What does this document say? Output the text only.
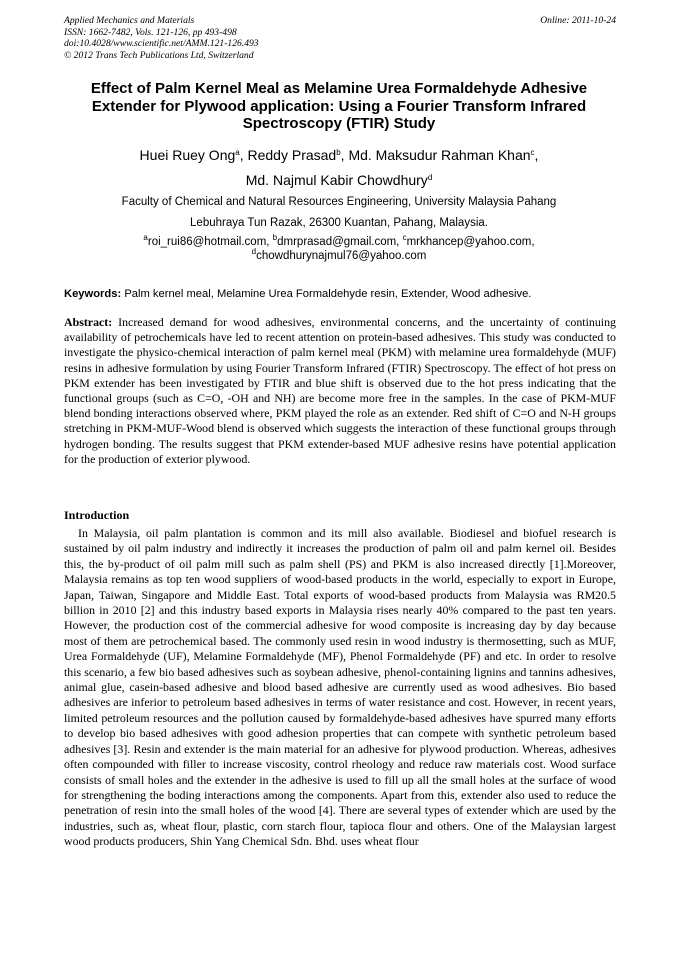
Applied Mechanics and Materials
ISSN: 1662-7482, Vols. 121-126, pp 493-498
doi:10.4028/www.scientific.net/AMM.121-126.493
© 2012 Trans Tech Publications Ltd, Switzerland
Online: 2011-10-24
Effect of Palm Kernel Meal as Melamine Urea Formaldehyde Adhesive Extender for Plywood application: Using a Fourier Transform Infrared Spectroscopy (FTIR) Study
Huei Ruey Ong$^a$, Reddy Prasad$^b$, Md. Maksudur Rahman Khan$^c$,
Md. Najmul Kabir Chowdhury$^d$
Faculty of Chemical and Natural Resources Engineering, University Malaysia Pahang
Lebuhraya Tun Razak, 26300 Kuantan, Pahang, Malaysia.
$^a$roi_rui86@hotmail.com, $^b$dmrprasad@gmail.com, $^c$mrkhancep@yahoo.com,
$^d$chowdhurynajmul76@yahoo.com
Keywords: Palm kernel meal, Melamine Urea Formaldehyde resin, Extender, Wood adhesive.
Abstract: Increased demand for wood adhesives, environmental concerns, and the uncertainty of continuing availability of petrochemicals have led to recent attention on protein-based adhesives. This study was conducted to investigate the physico-chemical interaction of palm kernel meal (PKM) with melamine urea formaldehyde (MUF) resins in adhesive formulation by using Fourier Transform Infrared (FTIR) Spectroscopy. The effect of hot press on PKM extender has been investigated by FTIR and blue shift is observed due to the hot press indicating that the functional groups (such as C=O, -OH and NH) are become more free in the samples. In the case of PKM-MUF blend bonding interactions observed where, PKM played the role as an extender. Red shift of C=O and N-H groups stretching in PKM-MUF-Wood blend is observed which suggests the interaction of these functional groups through hydrogen bonding. The results suggest that PKM extender-based MUF adhesive resins have potential application for the production of exterior plywood.
Introduction
In Malaysia, oil palm plantation is common and its mill also available. Biodiesel and biofuel research is sustained by oil palm industry and indirectly it increases the production of palm oil and palm kernel oil. Besides this, the by-product of oil palm mill such as palm shell (PS) and PKM is also increased directly [1].Moreover, Malaysia remains as top ten wood suppliers of wood-based products in the world, especially to export in Europe, Japan, Taiwan, Singapore and Middle East. Total exports of wood-based products from Malaysia was RM20.5 billion in 2010 [2] and this industry based exports in Malaysia rises nearly 40% compared to the past ten years. However, the production cost of the commercial adhesive for wood composite is increasing day by day because most of them are petrochemical based. The commonly used resin in wood industry is thermosetting, such as MUF, Urea Formaldehyde (UF), Melamine Formaldehyde (MF), Phenol Formaldehyde (PF) and etc. In order to resolve this scenario, a few bio based adhesives such as soybean adhesive, phenol-containing lignins and tannins adhesives, animal glue, casein-based adhesive and blood based adhesive are currently used as wood adhesives. Bio based adhesives are inferior to petroleum based adhesives in terms of water resistance and cost. However, in recent years, limited petroleum resources and the pollution caused by formaldehyde-based adhesives have spurred many efforts to develop bio based adhesives with good adhesion properties that can compete with synthetic petroleum based adhesives [3]. Resin and extender is the main material for an adhesive for plywood production. Whereas, adhesives often compounded with filler to increase viscosity, control rheology and reduce raw materials cost. Wood surface consists of small holes and the extender in the adhesive is used to fill up all the small holes at the surface of wood for strengthening the boding interactions among the components. Apart from this, extender also used to reduce the penetration of resin into the small holes of the wood [4]. There are several types of extender which are used by the industries, such as, wheat flour, plastic, corn starch flour, tapioca flour and others. One of the Malaysian largest wood products producers, Shin Yang Chemical Sdn. Bhd. uses wheat flour
